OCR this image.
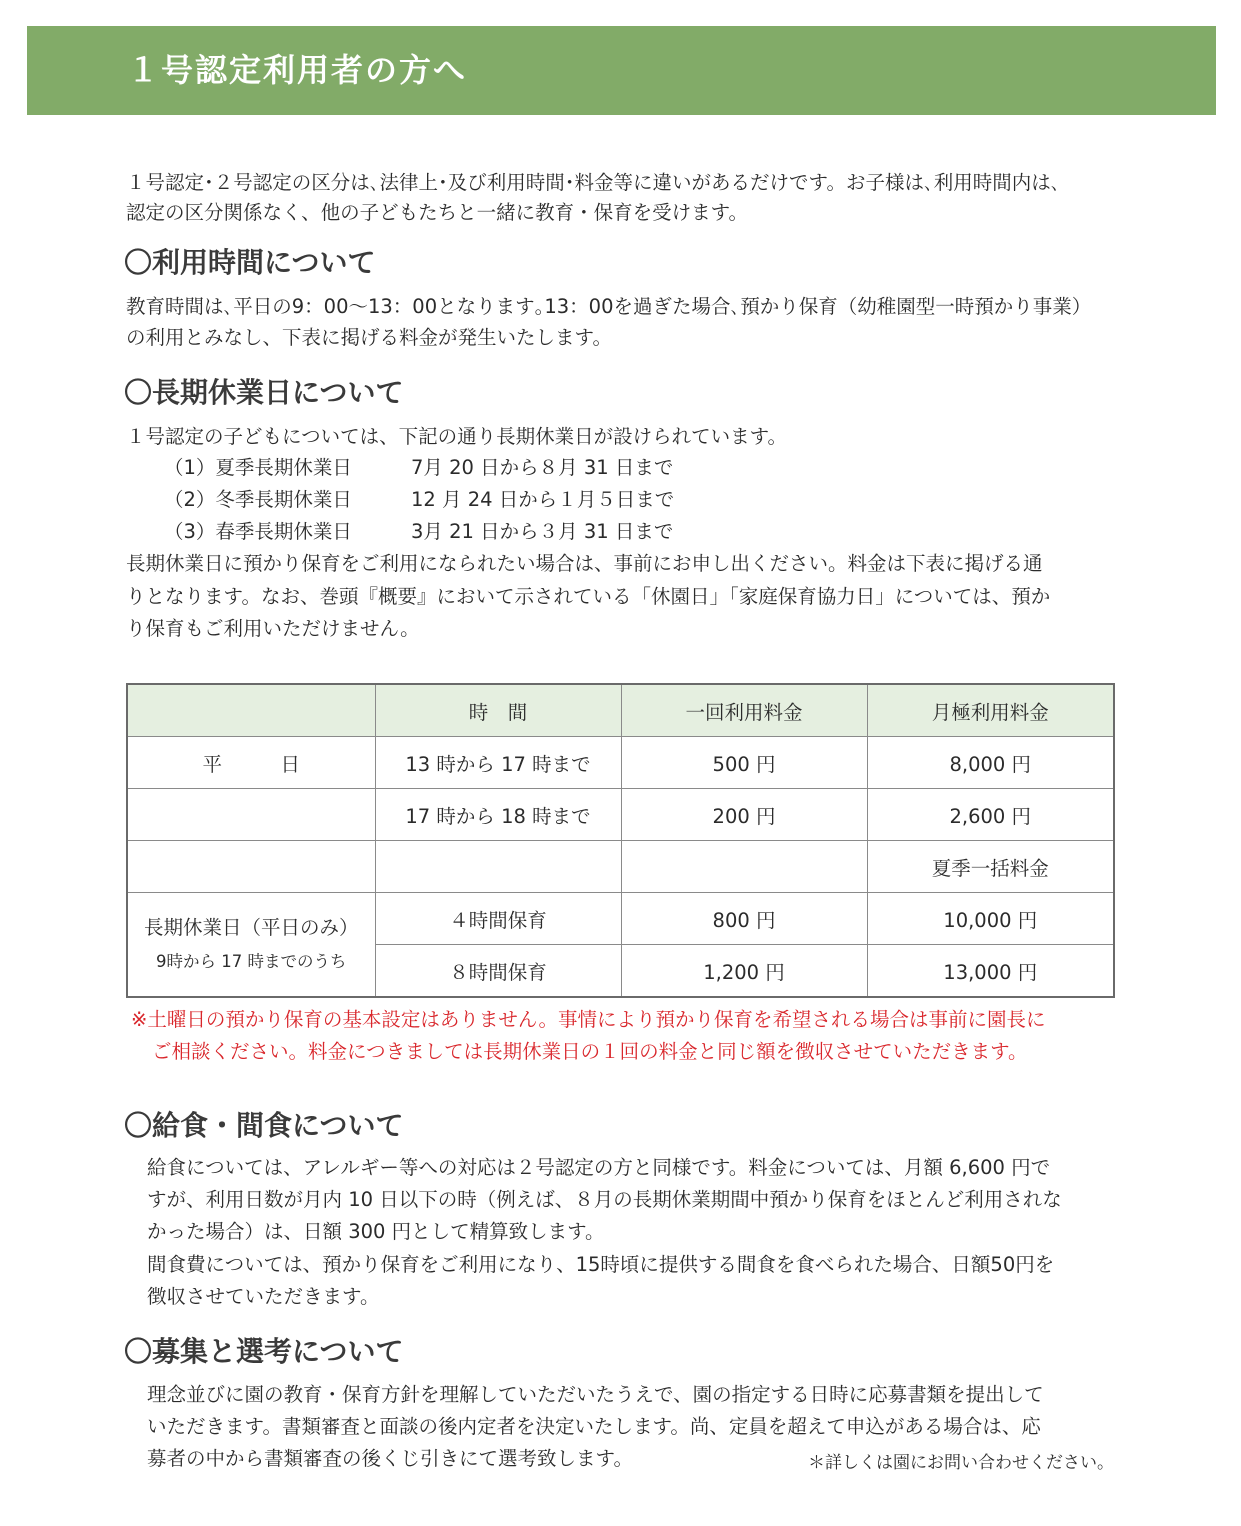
１号認定利用者の方へ

１号認定･２号認定の区分は､法律上･及び利用時間･料金等に違いがあるだけです。お子様は､利用時間内は､

認定の区分関係なく、他の子どもたちと一緒に教育・保育を受けます。

〇利用時間について

教育時間は､平日の9：00～13：00となります｡13：00を過ぎた場合､預かり保育（幼稚園型一時預かり事業）

の利用とみなし、下表に掲げる料金が発生いたします。

〇長期休業日について

１号認定の子どもについては、下記の通り長期休業日が設けられています。

（1）夏季長期休業日	7月 20 日から８月 31 日まで

（2）冬季長期休業日	12 月 24 日から１月５日まで

（3）春季長期休業日	3月 21 日から３月 31 日まで

長期休業日に預かり保育をご利用になられたい場合は、事前にお申し出ください。料金は下表に掲げる通

りとなります。なお、巻頭『概要』において示されている「休園日」「家庭保育協力日」については、預か

り保育もご利用いただけません。

	時　間	一回利用料金	月極利用料金
平　　　日	13 時から 17 時まで	500 円	8,000 円
	17 時から 18 時まで	200 円	2,600 円
			夏季一括料金
長期休業日（平日のみ）
9時から 17 時までのうち	４時間保育	800 円	10,000 円
	８時間保育	1,200 円	13,000 円

※土曜日の預かり保育の基本設定はありません。事情により預かり保育を希望される場合は事前に園長に

ご相談ください。料金につきましては長期休業日の１回の料金と同じ額を徴収させていただきます。

〇給食・間食について

給食については、アレルギー等への対応は２号認定の方と同様です。料金については、月額 6,600 円で

すが、利用日数が月内 10 日以下の時（例えば、８月の長期休業期間中預かり保育をほとんど利用されな

かった場合）は、日額 300 円として精算致します。

間食費については、預かり保育をご利用になり、15時頃に提供する間食を食べられた場合、日額50円を

徴収させていただきます。

〇募集と選考について

理念並びに園の教育・保育方針を理解していただいたうえで、園の指定する日時に応募書類を提出して

いただきます。書類審査と面談の後内定者を決定いたします。尚、定員を超えて申込がある場合は、応

募者の中から書類審査の後くじ引きにて選考致します。	＊詳しくは園にお問い合わせください。
